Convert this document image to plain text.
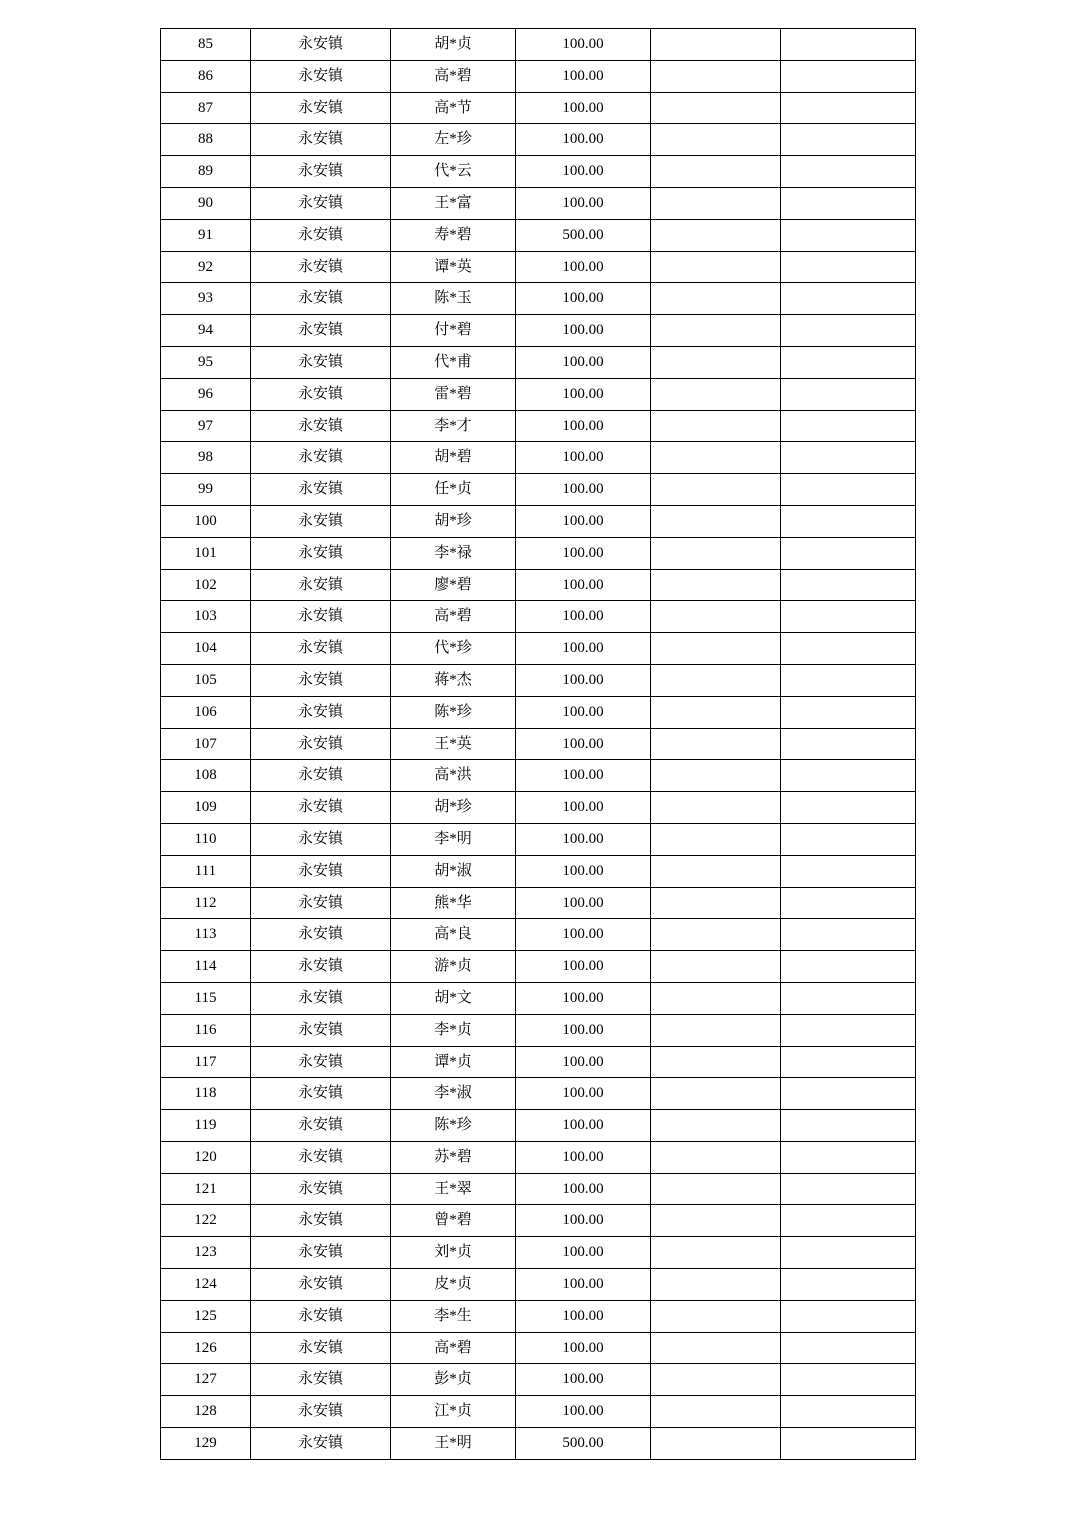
85	永安镇	胡*贞	100.00		
86	永安镇	高*碧	100.00		
87	永安镇	高*节	100.00		
88	永安镇	左*珍	100.00		
89	永安镇	代*云	100.00		
90	永安镇	王*富	100.00		
91	永安镇	寿*碧	500.00		
92	永安镇	谭*英	100.00		
93	永安镇	陈*玉	100.00		
94	永安镇	付*碧	100.00		
95	永安镇	代*甫	100.00		
96	永安镇	雷*碧	100.00		
97	永安镇	李*才	100.00		
98	永安镇	胡*碧	100.00		
99	永安镇	任*贞	100.00		
100	永安镇	胡*珍	100.00		
101	永安镇	李*禄	100.00		
102	永安镇	廖*碧	100.00		
103	永安镇	高*碧	100.00		
104	永安镇	代*珍	100.00		
105	永安镇	蒋*杰	100.00		
106	永安镇	陈*珍	100.00		
107	永安镇	王*英	100.00		
108	永安镇	高*洪	100.00		
109	永安镇	胡*珍	100.00		
110	永安镇	李*明	100.00		
111	永安镇	胡*淑	100.00		
112	永安镇	熊*华	100.00		
113	永安镇	高*良	100.00		
114	永安镇	游*贞	100.00		
115	永安镇	胡*文	100.00		
116	永安镇	李*贞	100.00		
117	永安镇	谭*贞	100.00		
118	永安镇	李*淑	100.00		
119	永安镇	陈*珍	100.00		
120	永安镇	苏*碧	100.00		
121	永安镇	王*翠	100.00		
122	永安镇	曾*碧	100.00		
123	永安镇	刘*贞	100.00		
124	永安镇	皮*贞	100.00		
125	永安镇	李*生	100.00		
126	永安镇	高*碧	100.00		
127	永安镇	彭*贞	100.00		
128	永安镇	江*贞	100.00		
129	永安镇	王*明	500.00		
